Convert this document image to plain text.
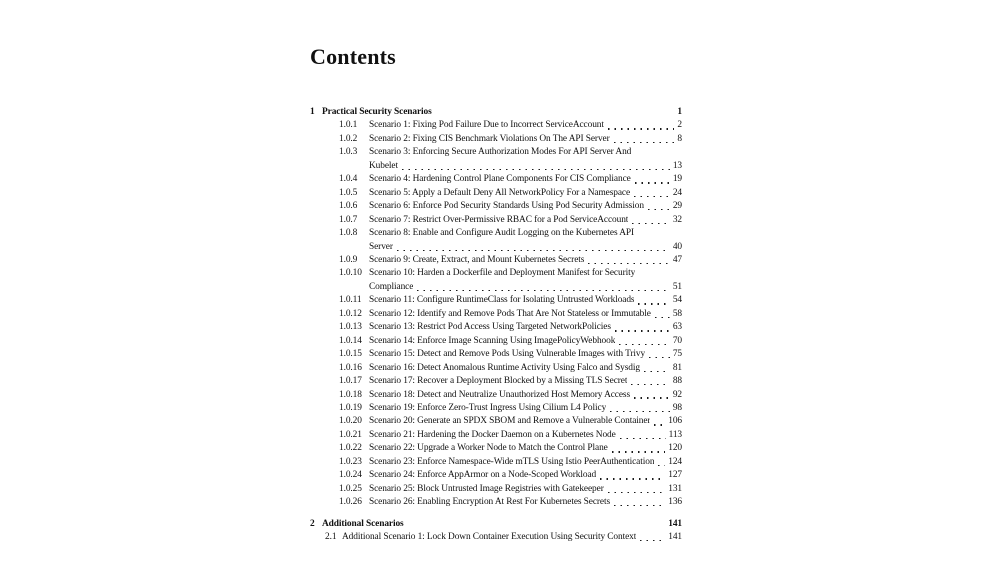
Contents
1 Practical Security Scenarios	1
1.0.1	Scenario 1: Fixing Pod Failure Due to Incorrect ServiceAccount	2
1.0.2	Scenario 2: Fixing CIS Benchmark Violations On The API Server	8
1.0.3	Scenario 3: Enforcing Secure Authorization Modes For API Server And
Kubelet	13
1.0.4	Scenario 4: Hardening Control Plane Components For CIS Compliance	19
1.0.5	Scenario 5: Apply a Default Deny All NetworkPolicy For a Namespace	24
1.0.6	Scenario 6: Enforce Pod Security Standards Using Pod Security Admission	29
1.0.7	Scenario 7: Restrict Over-Permissive RBAC for a Pod ServiceAccount	32
1.0.8	Scenario 8: Enable and Configure Audit Logging on the Kubernetes API
Server	40
1.0.9	Scenario 9: Create, Extract, and Mount Kubernetes Secrets	47
1.0.10 Scenario 10: Harden a Dockerfile and Deployment Manifest for Security
Compliance	51
1.0.11 Scenario 11: Configure RuntimeClass for Isolating Untrusted Workloads	54
1.0.12 Scenario 12: Identify and Remove Pods That Are Not Stateless or Immutable 58
1.0.13 Scenario 13: Restrict Pod Access Using Targeted NetworkPolicies	63
1.0.14 Scenario 14: Enforce Image Scanning Using ImagePolicyWebhook	70
1.0.15 Scenario 15: Detect and Remove Pods Using Vulnerable Images with Trivy	75
1.0.16 Scenario 16: Detect Anomalous Runtime Activity Using Falco and Sysdig	81
1.0.17 Scenario 17: Recover a Deployment Blocked by a Missing TLS Secret	88
1.0.18 Scenario 18: Detect and Neutralize Unauthorized Host Memory Access	92
1.0.19 Scenario 19: Enforce Zero-Trust Ingress Using Cilium L4 Policy	98
1.0.20 Scenario 20: Generate an SPDX SBOM and Remove a Vulnerable Container 106
1.0.21 Scenario 21: Hardening the Docker Daemon on a Kubernetes Node	113
1.0.22 Scenario 22: Upgrade a Worker Node to Match the Control Plane	120
1.0.23 Scenario 23: Enforce Namespace-Wide mTLS Using Istio PeerAuthentication 124
1.0.24 Scenario 24: Enforce AppArmor on a Node-Scoped Workload	127
1.0.25 Scenario 25: Block Untrusted Image Registries with Gatekeeper	131
1.0.26 Scenario 26: Enabling Encryption At Rest For Kubernetes Secrets	136
2 Additional Scenarios	141
2.1 Additional Scenario 1: Lock Down Container Execution Using Security Context	141
